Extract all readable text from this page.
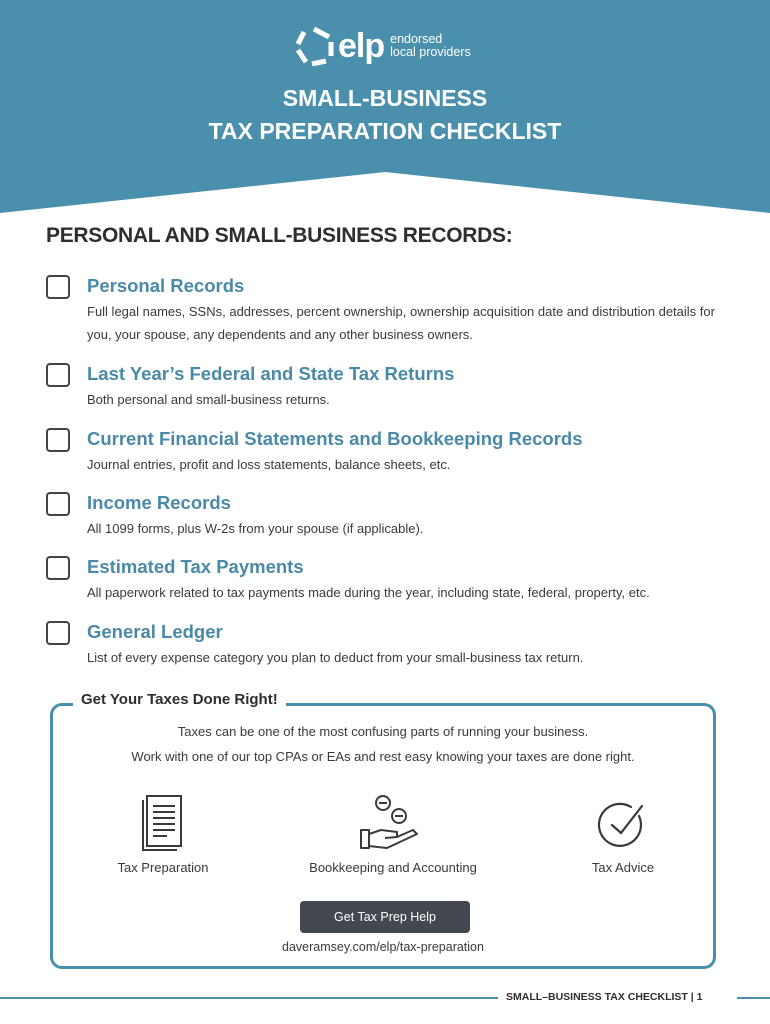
elp endorsed
local providers
SMALL-BUSINESS
TAX PREPARATION CHECKLIST
PERSONAL AND SMALL-BUSINESS RECORDS:
Personal Records
Full legal names, SSNs, addresses, percent ownership, ownership acquisition date and distribution details for you, your spouse, any dependents and any other business owners.
Last Year’s Federal and State Tax Returns
Both personal and small-business returns.
Current Financial Statements and Bookkeeping Records
Journal entries, profit and loss statements, balance sheets, etc.
Income Records
All 1099 forms, plus W-2s from your spouse (if applicable).
Estimated Tax Payments
All paperwork related to tax payments made during the year, including state, federal, property, etc.
General Ledger
List of every expense category you plan to deduct from your small-business tax return.
Get Your Taxes Done Right!
Taxes can be one of the most confusing parts of running your business.
Work with one of our top CPAs or EAs and rest easy knowing your taxes are done right.
Tax Preparation	Bookkeeping and Accounting	Tax Advice
Get Tax Prep Help
daveramsey.com/elp/tax-preparation
SMALL–BUSINESS TAX CHECKLIST | 1
